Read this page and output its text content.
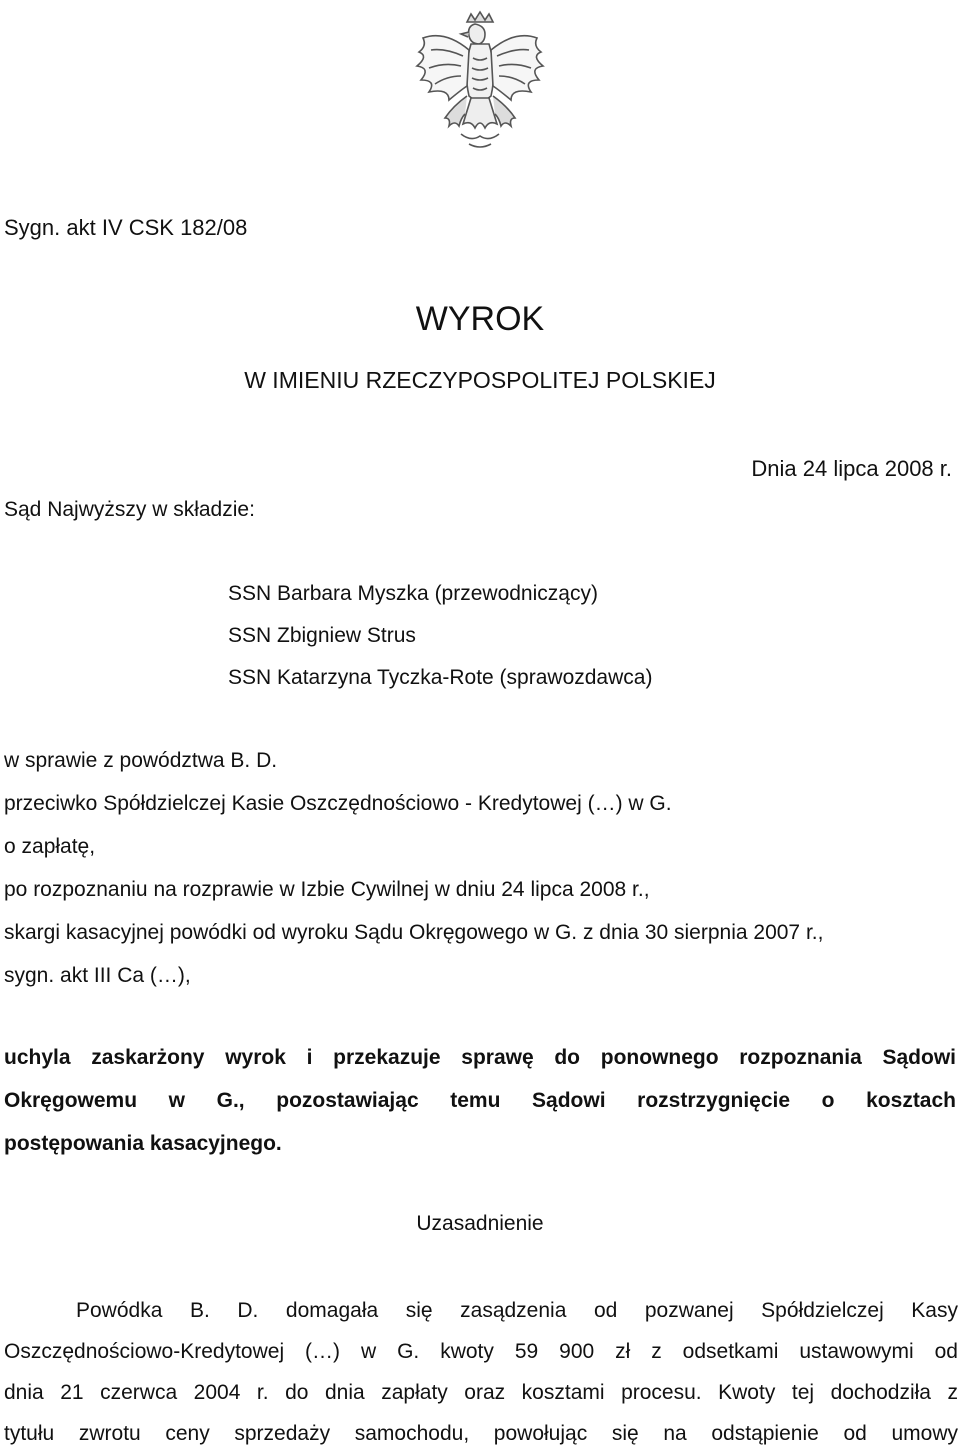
Sygn. akt IV CSK 182/08
WYROK
W IMIENIU RZECZYPOSPOLITEJ POLSKIEJ
Dnia 24 lipca 2008 r.
Sąd Najwyższy w składzie:
SSN Barbara Myszka (przewodniczący)
SSN Zbigniew Strus
SSN Katarzyna Tyczka-Rote (sprawozdawca)
w sprawie z powództwa B. D.
przeciwko Spółdzielczej Kasie Oszczędnościowo - Kredytowej (…) w G.
o zapłatę,
po rozpoznaniu na rozprawie w Izbie Cywilnej w dniu 24 lipca 2008 r.,
skargi kasacyjnej powódki od wyroku Sądu Okręgowego w G. z dnia 30 sierpnia 2007 r.,
sygn. akt III Ca (…),
uchyla zaskarżony wyrok i przekazuje sprawę do ponownego rozpoznania Sądowi
Okręgowemu w G., pozostawiając temu Sądowi rozstrzygnięcie o kosztach
postępowania kasacyjnego.
Uzasadnienie
Powódka B. D. domagała się zasądzenia od pozwanej Spółdzielczej Kasy
Oszczędnościowo-Kredytowej (…) w G. kwoty 59 900 zł z odsetkami ustawowymi od
dnia 21 czerwca 2004 r. do dnia zapłaty oraz kosztami procesu. Kwoty tej dochodziła z
tytułu zwrotu ceny sprzedaży samochodu, powołując się na odstąpienie od umowy
